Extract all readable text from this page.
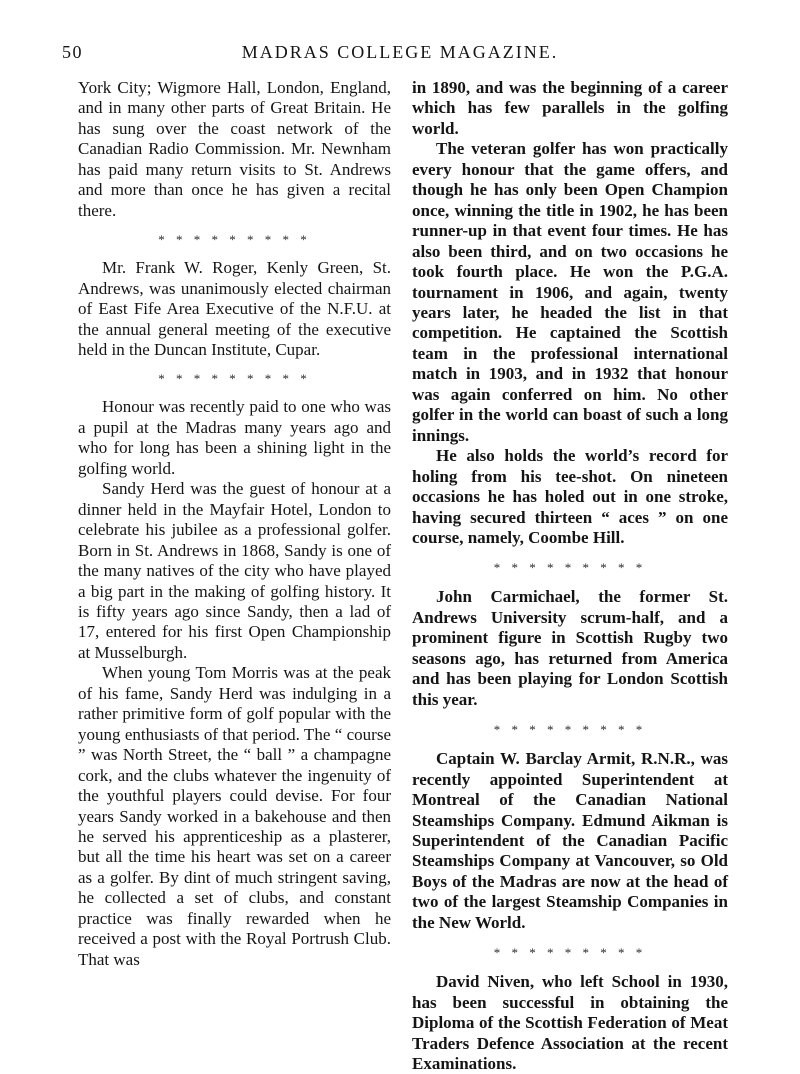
50	MADRAS COLLEGE MAGAZINE.

York City; Wigmore Hall, London, England, and in many other parts of Great Britain. He has sung over the coast network of the Canadian Radio Commission. Mr. Newnham has paid many return visits to St. Andrews and more than once he has given a recital there.

* * * * * * * * *

Mr. Frank W. Roger, Kenly Green, St. Andrews, was unanimously elected chairman of East Fife Area Executive of the N.F.U. at the annual general meeting of the executive held in the Duncan Institute, Cupar.

* * * * * * * * *

Honour was recently paid to one who was a pupil at the Madras many years ago and who for long has been a shining light in the golfing world.

Sandy Herd was the guest of honour at a dinner held in the Mayfair Hotel, London to celebrate his jubilee as a professional golfer. Born in St. Andrews in 1868, Sandy is one of the many natives of the city who have played a big part in the making of golfing history. It is fifty years ago since Sandy, then a lad of 17, entered for his first Open Championship at Musselburgh.

When young Tom Morris was at the peak of his fame, Sandy Herd was indulging in a rather primitive form of golf popular with the young enthusiasts of that period. The “ course ” was North Street, the “ ball ” a champagne cork, and the clubs whatever the ingenuity of the youthful players could devise. For four years Sandy worked in a bakehouse and then he served his apprenticeship as a plasterer, but all the time his heart was set on a career as a golfer. By dint of much stringent saving, he collected a set of clubs, and constant practice was finally rewarded when he received a post with the Royal Portrush Club. That was

in 1890, and was the beginning of a career which has few parallels in the golfing world.

The veteran golfer has won practically every honour that the game offers, and though he has only been Open Champion once, winning the title in 1902, he has been runner-up in that event four times. He has also been third, and on two occasions he took fourth place. He won the P.G.A. tournament in 1906, and again, twenty years later, he headed the list in that competition. He captained the Scottish team in the professional international match in 1903, and in 1932 that honour was again conferred on him. No other golfer in the world can boast of such a long innings.

He also holds the world’s record for holing from his tee-shot. On nineteen occasions he has holed out in one stroke, having secured thirteen “ aces ” on one course, namely, Coombe Hill.

* * * * * * * * *

John Carmichael, the former St. Andrews University scrum-half, and a prominent figure in Scottish Rugby two seasons ago, has returned from America and has been playing for London Scottish this year.

* * * * * * * * *

Captain W. Barclay Armit, R.N.R., was recently appointed Superintendent at Montreal of the Canadian National Steamships Company. Edmund Aikman is Superintendent of the Canadian Pacific Steamships Company at Vancouver, so Old Boys of the Madras are now at the head of two of the largest Steamship Companies in the New World.

* * * * * * * * *

David Niven, who left School in 1930, has been successful in obtaining the Diploma of the Scottish Federation of Meat Traders Defence Association at the recent Examinations.
